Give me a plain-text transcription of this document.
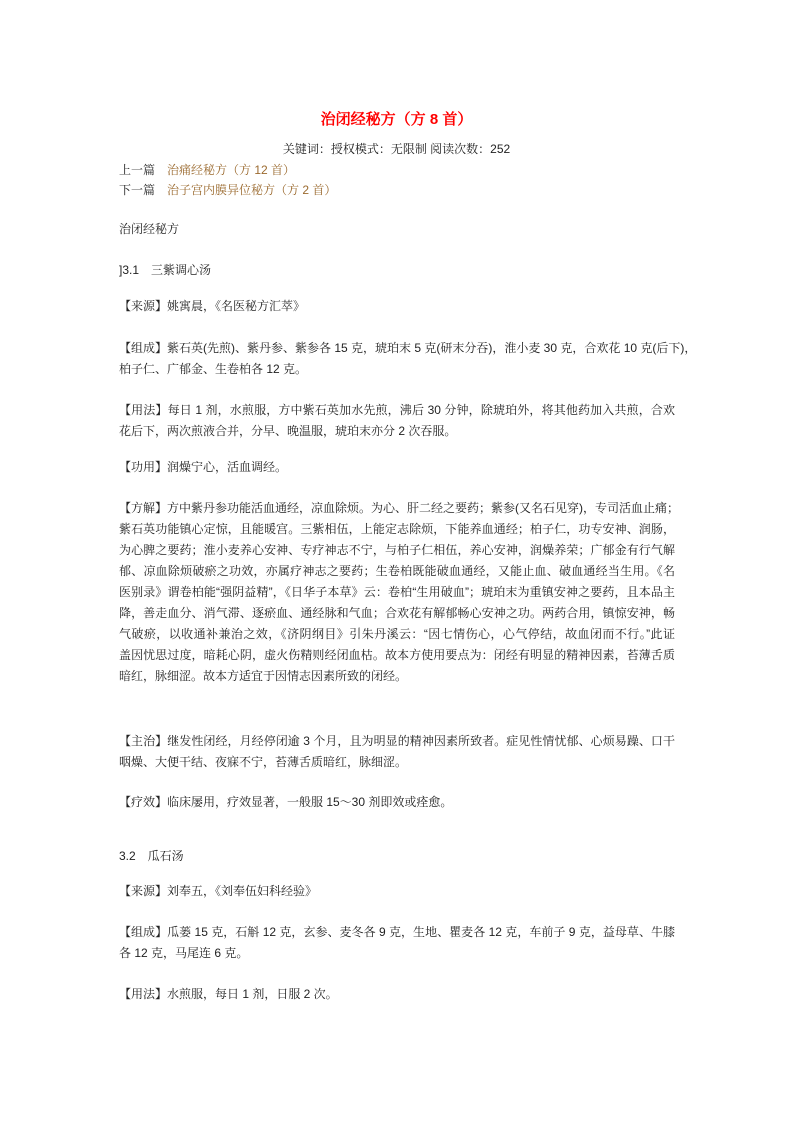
治闭经秘方（方 8 首）
关键词：授权模式：无限制 阅读次数：252
上一篇 治痛经秘方（方 12 首）
下一篇 治子宫内膜异位秘方（方 2 首）
治闭经秘方
]3.1　三紫调心汤
【来源】姚寓晨，《名医秘方汇萃》
【组成】紫石英(先煎)、紫丹参、紫参各 15 克，琥珀末 5 克(研末分吞)，淮小麦 30 克，合欢花 10 克(后下)，
柏子仁、广郁金、生卷柏各 12 克。
【用法】每日 1 剂，水煎服，方中紫石英加水先煎，沸后 30 分钟，除琥珀外，将其他药加入共煎，合欢
花后下，两次煎液合并，分早、晚温服，琥珀末亦分 2 次吞服。
【功用】润燥宁心，活血调经。
【方解】方中紫丹参功能活血通经，凉血除烦。为心、肝二经之要药；紫参(又名石见穿)，专司活血止痛；
紫石英功能镇心定惊，且能暖宫。三紫相伍，上能定志除烦，下能养血通经；柏子仁，功专安神、润肠，
为心脾之要药；淮小麦养心安神、专疗神志不宁，与柏子仁相伍，养心安神，润燥养荣；广郁金有行气解
郁、凉血除烦破瘀之功效，亦属疗神志之要药；生卷柏既能破血通经，又能止血、破血通经当生用。《名
医别录》谓卷柏能“强阴益精”，《日华子本草》云：卷柏“生用破血”；琥珀末为重镇安神之要药，且本品主
降，善走血分、消气滞、逐瘀血、通经脉和气血；合欢花有解郁畅心安神之功。两药合用，镇惊安神，畅
气破瘀，以收通补兼治之效，《济阴纲目》引朱丹溪云：“因七情伤心，心气停结，故血闭而不行。”此证
盖因忧思过度，暗耗心阴，虚火伤精则经闭血枯。故本方使用要点为：闭经有明显的精神因素，苔薄舌质
暗红，脉细涩。故本方适宜于因情志因素所致的闭经。
【主治】继发性闭经，月经停闭逾 3 个月，且为明显的精神因素所致者。症见性情忧郁、心烦易躁、口干
咽燥、大便干结、夜寐不宁，苔薄舌质暗红，脉细涩。
【疗效】临床屡用，疗效显著，一般服 15～30 剂即效或痊愈。
3.2　瓜石汤
【来源】刘奉五，《刘奉伍妇科经验》
【组成】瓜蒌 15 克，石斛 12 克，玄参、麦冬各 9 克，生地、瞿麦各 12 克，车前子 9 克，益母草、牛膝
各 12 克，马尾连 6 克。
【用法】水煎服，每日 1 剂，日服 2 次。
